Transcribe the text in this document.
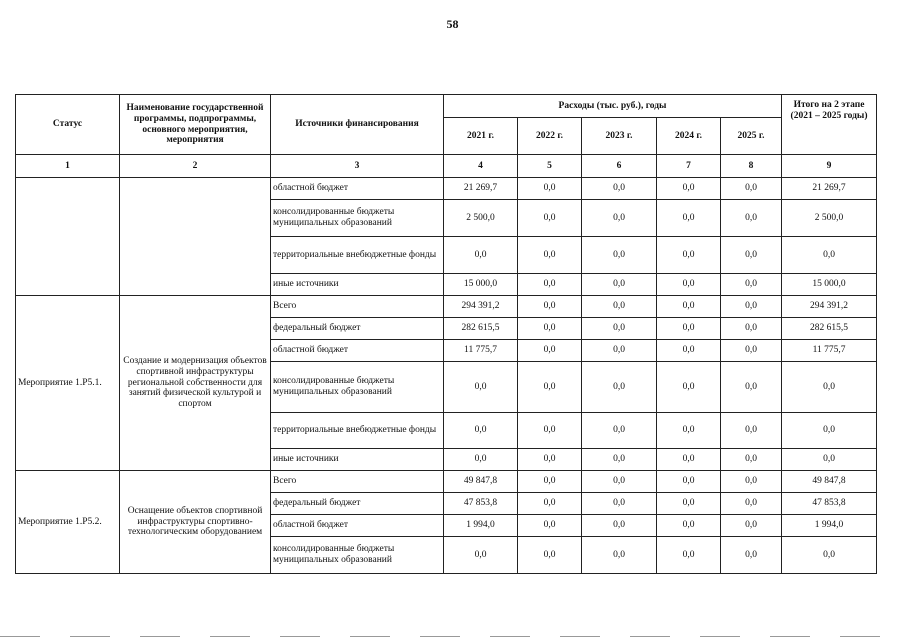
58
Статус	Наименование государственной программы, подпрограммы, основного мероприятия, мероприятия	Источники финансирования	Расходы (тыс. руб.), годы					Итого на 2 этапе (2021 – 2025 годы)
			2021 г.	2022 г.	2023 г.	2024 г.	2025 г.	
1	2	3	4	5	6	7	8	9
		областной бюджет	21 269,7	0,0	0,0	0,0	0,0	21 269,7
		консолидированные бюджеты муниципальных образований	2 500,0	0,0	0,0	0,0	0,0	2 500,0
		территориальные внебюджетные фонды	0,0	0,0	0,0	0,0	0,0	0,0
		иные источники	15 000,0	0,0	0,0	0,0	0,0	15 000,0
Мероприятие 1.Р5.1.	Создание и модернизация объектов спортивной инфраструктуры региональной собственности для занятий физической культурой и спортом	Всего	294 391,2	0,0	0,0	0,0	0,0	294 391,2
		федеральный бюджет	282 615,5	0,0	0,0	0,0	0,0	282 615,5
		областной бюджет	11 775,7	0,0	0,0	0,0	0,0	11 775,7
		консолидированные бюджеты муниципальных образований	0,0	0,0	0,0	0,0	0,0	0,0
		территориальные внебюджетные фонды	0,0	0,0	0,0	0,0	0,0	0,0
		иные источники	0,0	0,0	0,0	0,0	0,0	0,0
Мероприятие 1.Р5.2.	Оснащение объектов спортивной инфраструктуры спортивно-технологическим оборудованием	Всего	49 847,8	0,0	0,0	0,0	0,0	49 847,8
		федеральный бюджет	47 853,8	0,0	0,0	0,0	0,0	47 853,8
		областной бюджет	1 994,0	0,0	0,0	0,0	0,0	1 994,0
		консолидированные бюджеты муниципальных образований	0,0	0,0	0,0	0,0	0,0	0,0
